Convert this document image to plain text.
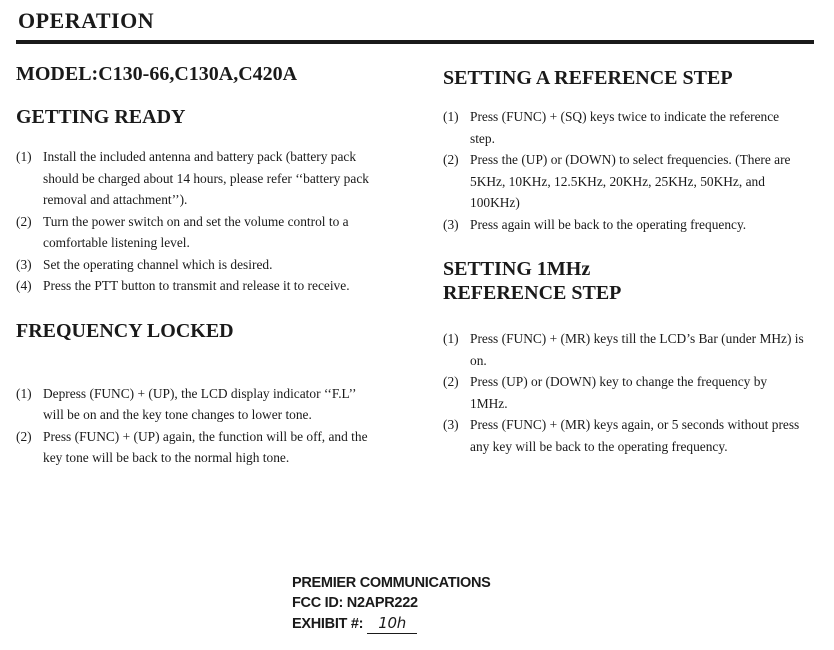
OPERATION
MODEL:C130-66,C130A,C420A
GETTING READY
(1) Install the included antenna and battery pack (battery pack should be charged about 14 hours, please refer ‘‘battery pack removal and attachment’’).
(2) Turn the power switch on and set the volume control to a comfortable listening level.
(3) Set the operating channel which is desired.
(4) Press the PTT button to transmit and release it to receive.
FREQUENCY LOCKED
(1) Depress (FUNC) + (UP), the LCD display indicator ‘‘F.L’’ will be on and the key tone changes to lower tone.
(2) Press (FUNC) + (UP) again, the function will be off, and the key tone will be back to the normal high tone.
SETTING A REFERENCE STEP
(1) Press (FUNC) + (SQ) keys twice to indicate the reference step.
(2) Press the (UP) or (DOWN) to select frequencies. (There are 5KHz, 10KHz, 12.5KHz, 20KHz, 25KHz, 50KHz, and 100KHz)
(3) Press again will be back to the operating frequency.
SETTING 1MHz
REFERENCE STEP
(1) Press (FUNC) + (MR) keys till the LCD’s Bar (under MHz) is on.
(2) Press (UP) or (DOWN) key to change the frequency by 1MHz.
(3) Press (FUNC) + (MR) keys again, or 5 seconds without press any key will be back to the operating frequency.
PREMIER COMMUNICATIONS
FCC ID: N2APR222
EXHIBIT #: 10h
